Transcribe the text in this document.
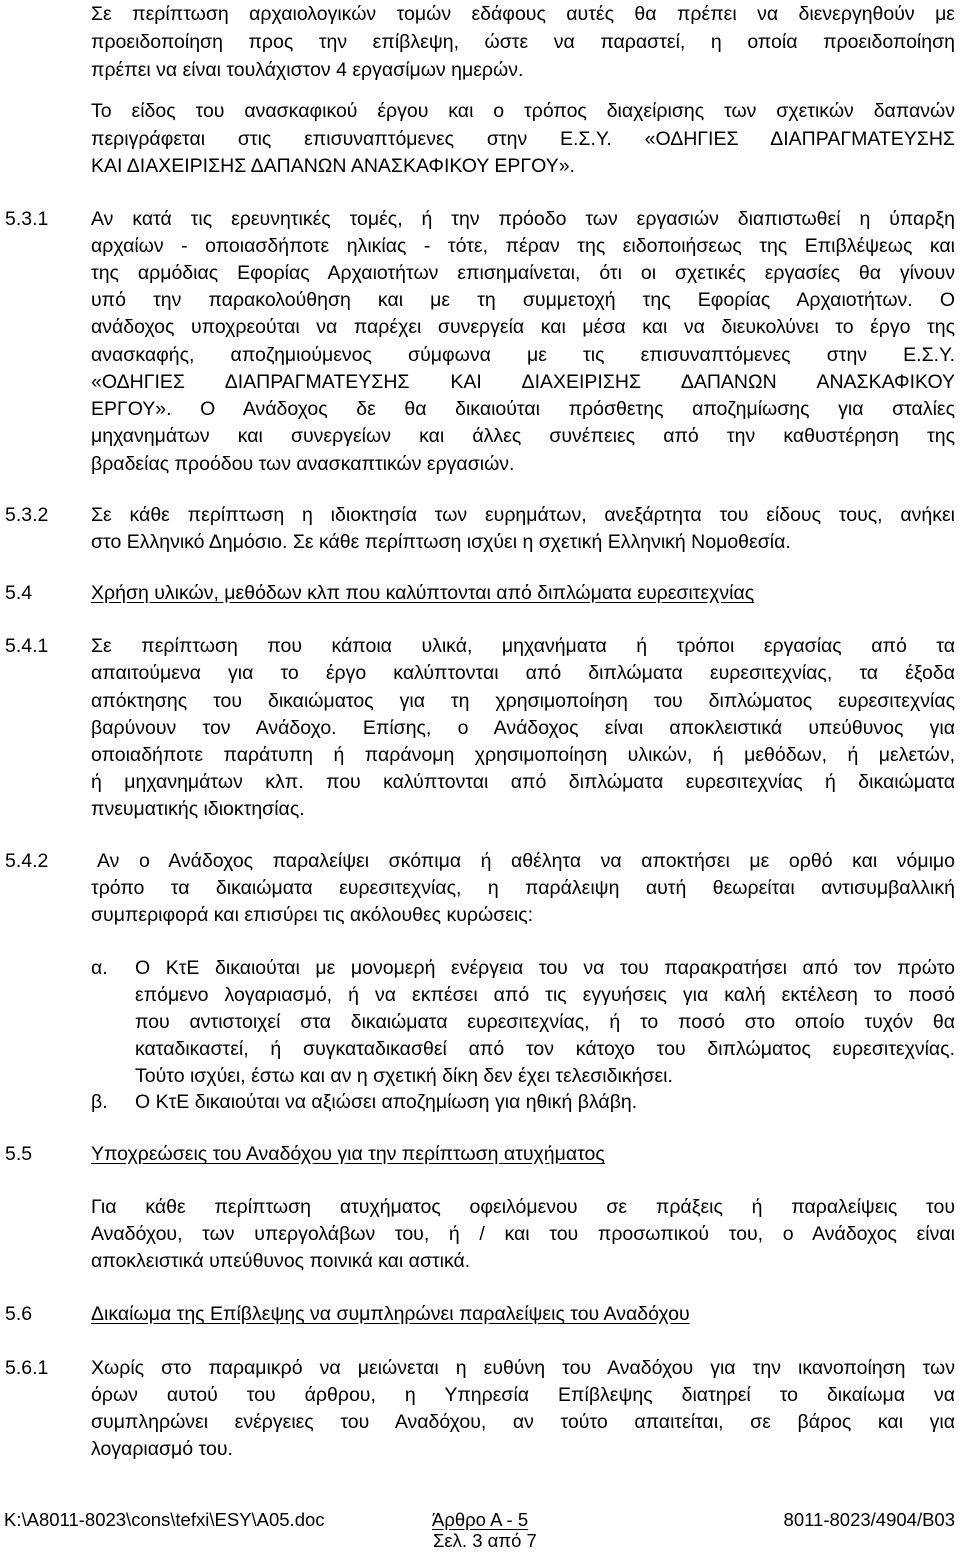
Σε περίπτωση αρχαιολογικών τομών εδάφους αυτές θα πρέπει να διενεργηθούν με
προειδοποίηση προς την επίβλεψη, ώστε να παραστεί, η οποία προειδοποίηση
πρέπει να είναι τουλάχιστον 4 εργασίμων ημερών.
Το είδος του ανασκαφικού έργου και ο τρόπος διαχείρισης των σχετικών δαπανών
περιγράφεται στις επισυναπτόμενες στην Ε.Σ.Υ. «ΟΔΗΓΙΕΣ ΔΙΑΠΡΑΓΜΑΤΕΥΣΗΣ
ΚΑΙ ΔΙΑΧΕΙΡΙΣΗΣ ΔΑΠΑΝΩΝ ΑΝΑΣΚΑΦΙΚΟΥ ΕΡΓΟΥ».
5.3.1 Αν κατά τις ερευνητικές τομές, ή την πρόοδο των εργασιών διαπιστωθεί η ύπαρξη
αρχαίων - οποιασδήποτε ηλικίας - τότε, πέραν της ειδοποιήσεως της Επιβλέψεως και
της αρμόδιας Εφορίας Αρχαιοτήτων επισημαίνεται, ότι οι σχετικές εργασίες θα γίνουν
υπό την παρακολούθηση και με τη συμμετοχή της Εφορίας Αρχαιοτήτων. Ο
ανάδοχος υποχρεούται να παρέχει συνεργεία και μέσα και να διευκολύνει το έργο της
ανασκαφής, αποζημιούμενος σύμφωνα με τις επισυναπτόμενες στην Ε.Σ.Υ.
«ΟΔΗΓΙΕΣ ΔΙΑΠΡΑΓΜΑΤΕΥΣΗΣ ΚΑΙ ΔΙΑΧΕΙΡΙΣΗΣ ΔΑΠΑΝΩΝ ΑΝΑΣΚΑΦΙΚΟΥ
ΕΡΓΟΥ». Ο Ανάδοχος δε θα δικαιούται πρόσθετης αποζημίωσης για σταλίες
μηχανημάτων και συνεργείων και άλλες συνέπειες από την καθυστέρηση της
βραδείας προόδου των ανασκαπτικών εργασιών.
5.3.2 Σε κάθε περίπτωση η ιδιοκτησία των ευρημάτων, ανεξάρτητα του είδους τους, ανήκει
στο Ελληνικό Δημόσιο. Σε κάθε περίπτωση ισχύει η σχετική Ελληνική Νομοθεσία.
5.4	Χρήση υλικών, μεθόδων κλπ που καλύπτονται από διπλώματα ευρεσιτεχνίας
5.4.1 Σε περίπτωση που κάποια υλικά, μηχανήματα ή τρόποι εργασίας από τα
απαιτούμενα για το έργο καλύπτονται από διπλώματα ευρεσιτεχνίας, τα έξοδα
απόκτησης του δικαιώματος για τη χρησιμοποίηση του διπλώματος ευρεσιτεχνίας
βαρύνουν τον Ανάδοχο. Επίσης, ο Ανάδοχος είναι αποκλειστικά υπεύθυνος για
οποιαδήποτε παράτυπη ή παράνομη χρησιμοποίηση υλικών, ή μεθόδων, ή μελετών,
ή μηχανημάτων κλπ. που καλύπτονται από διπλώματα ευρεσιτεχνίας ή δικαιώματα
πνευματικής ιδιοκτησίας.
5.4.2 Αν ο Ανάδοχος παραλείψει σκόπιμα ή αθέλητα να αποκτήσει με ορθό και νόμιμο
τρόπο τα δικαιώματα ευρεσιτεχνίας, η παράλειψη αυτή θεωρείται αντισυμβαλλική
συμπεριφορά και επισύρει τις ακόλουθες κυρώσεις:
α. Ο ΚτΕ δικαιούται με μονομερή ενέργεια του να του παρακρατήσει από τον πρώτο
επόμενο λογαριασμό, ή να εκπέσει από τις εγγυήσεις για καλή εκτέλεση το ποσό
που αντιστοιχεί στα δικαιώματα ευρεσιτεχνίας, ή το ποσό στο οποίο τυχόν θα
καταδικαστεί, ή συγκαταδικασθεί από τον κάτοχο του διπλώματος ευρεσιτεχνίας.
Τούτο ισχύει, έστω και αν η σχετική δίκη δεν έχει τελεσιδικήσει.
β. Ο ΚτΕ δικαιούται να αξιώσει αποζημίωση για ηθική βλάβη.
5.5	Υποχρεώσεις του Αναδόχου για την περίπτωση ατυχήματος
Για κάθε περίπτωση ατυχήματος οφειλόμενου σε πράξεις ή παραλείψεις του
Αναδόχου, των υπεργολάβων του, ή / και του προσωπικού του, ο Ανάδοχος είναι
αποκλειστικά υπεύθυνος ποινικά και αστικά.
5.6	Δικαίωμα της Επίβλεψης να συμπληρώνει παραλείψεις του Αναδόχου
5.6.1 Χωρίς στο παραμικρό να μειώνεται η ευθύνη του Αναδόχου για την ικανοποίηση των
όρων αυτού του άρθρου, η Υπηρεσία Επίβλεψης διατηρεί το δικαίωμα να
συμπληρώνει ενέργειες του Αναδόχου, αν τούτο απαιτείται, σε βάρος και για
λογαριασμό του.
K:\A8011-8023\cons\tefxi\ESY\A05.doc	Άρθρο Α - 5
Σελ. 3 από 7
8011-8023/4904/B03
